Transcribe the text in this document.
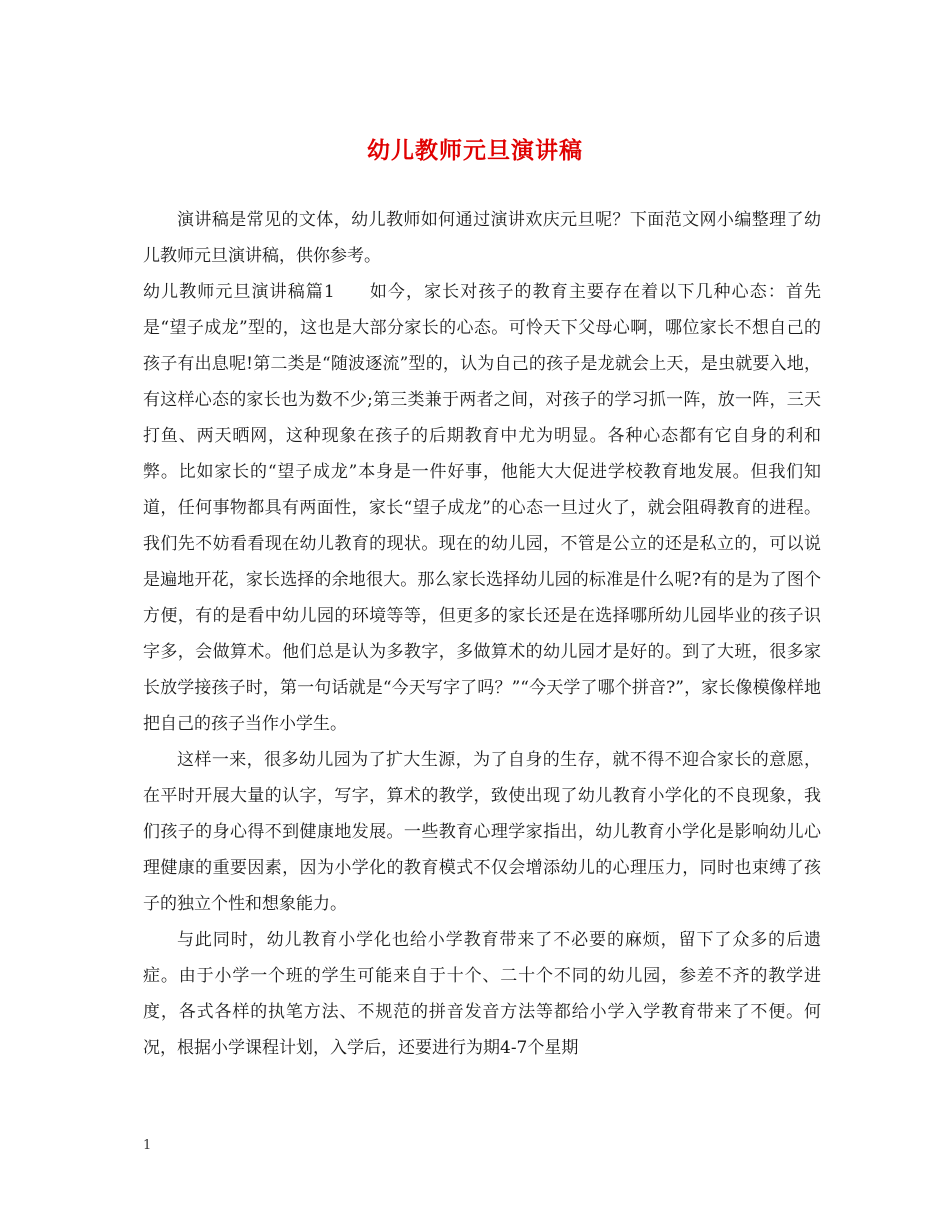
幼儿教师元旦演讲稿

演讲稿是常见的文体，幼儿教师如何通过演讲欢庆元旦呢？下面范文网小编整理了幼儿教师元旦演讲稿，供你参考。

幼儿教师元旦演讲稿篇1 如今，家长对孩子的教育主要存在着以下几种心态：首先是“望子成龙”型的，这也是大部分家长的心态。可怜天下父母心啊，哪位家长不想自己的孩子有出息呢!第二类是“随波逐流”型的，认为自己的孩子是龙就会上天，是虫就要入地，有这样心态的家长也为数不少;第三类兼于两者之间，对孩子的学习抓一阵，放一阵，三天打鱼、两天晒网，这种现象在孩子的后期教育中尤为明显。各种心态都有它自身的利和弊。比如家长的“望子成龙”本身是一件好事，他能大大促进学校教育地发展。但我们知道，任何事物都具有两面性，家长“望子成龙”的心态一旦过火了，就会阻碍教育的进程。我们先不妨看看现在幼儿教育的现状。现在的幼儿园，不管是公立的还是私立的，可以说是遍地开花，家长选择的余地很大。那么家长选择幼儿园的标准是什么呢?有的是为了图个方便，有的是看中幼儿园的环境等等，但更多的家长还是在选择哪所幼儿园毕业的孩子识字多，会做算术。他们总是认为多教字，多做算术的幼儿园才是好的。到了大班，很多家长放学接孩子时，第一句话就是“今天写字了吗？”“今天学了哪个拼音?”，家长像模像样地把自己的孩子当作小学生。

这样一来，很多幼儿园为了扩大生源，为了自身的生存，就不得不迎合家长的意愿，在平时开展大量的认字，写字，算术的教学，致使出现了幼儿教育小学化的不良现象，我们孩子的身心得不到健康地发展。一些教育心理学家指出，幼儿教育小学化是影响幼儿心理健康的重要因素，因为小学化的教育模式不仅会增添幼儿的心理压力，同时也束缚了孩子的独立个性和想象能力。

与此同时，幼儿教育小学化也给小学教育带来了不必要的麻烦，留下了众多的后遗症。由于小学一个班的学生可能来自于十个、二十个不同的幼儿园，参差不齐的教学进度，各式各样的执笔方法、不规范的拼音发音方法等都给小学入学教育带来了不便。何况，根据小学课程计划，入学后，还要进行为期4-7个星期

1
